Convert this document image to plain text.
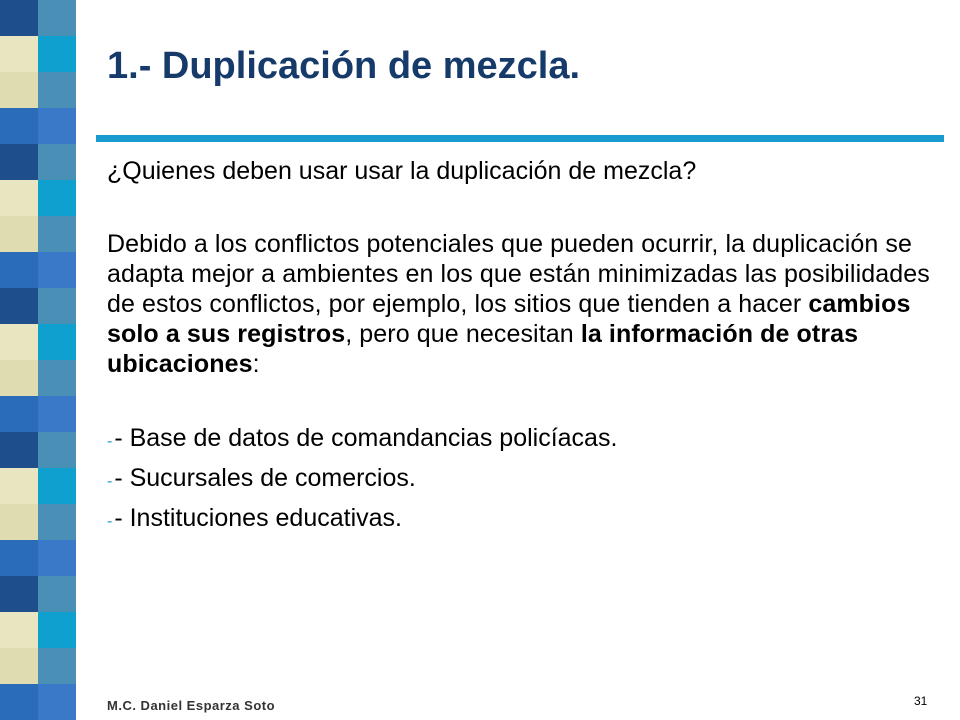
1.- Duplicación de mezcla.
¿Quienes deben usar usar la duplicación de mezcla?
Debido a los conflictos potenciales que pueden ocurrir, la duplicación se adapta mejor a ambientes en los que están minimizadas las posibilidades de estos conflictos, por ejemplo, los sitios que tienden a hacer cambios solo a sus registros, pero que necesitan la información de otras ubicaciones:
- - Base de datos de comandancias policíacas.
- - Sucursales de comercios.
- - Instituciones educativas.
M.C. Daniel Esparza Soto	31
